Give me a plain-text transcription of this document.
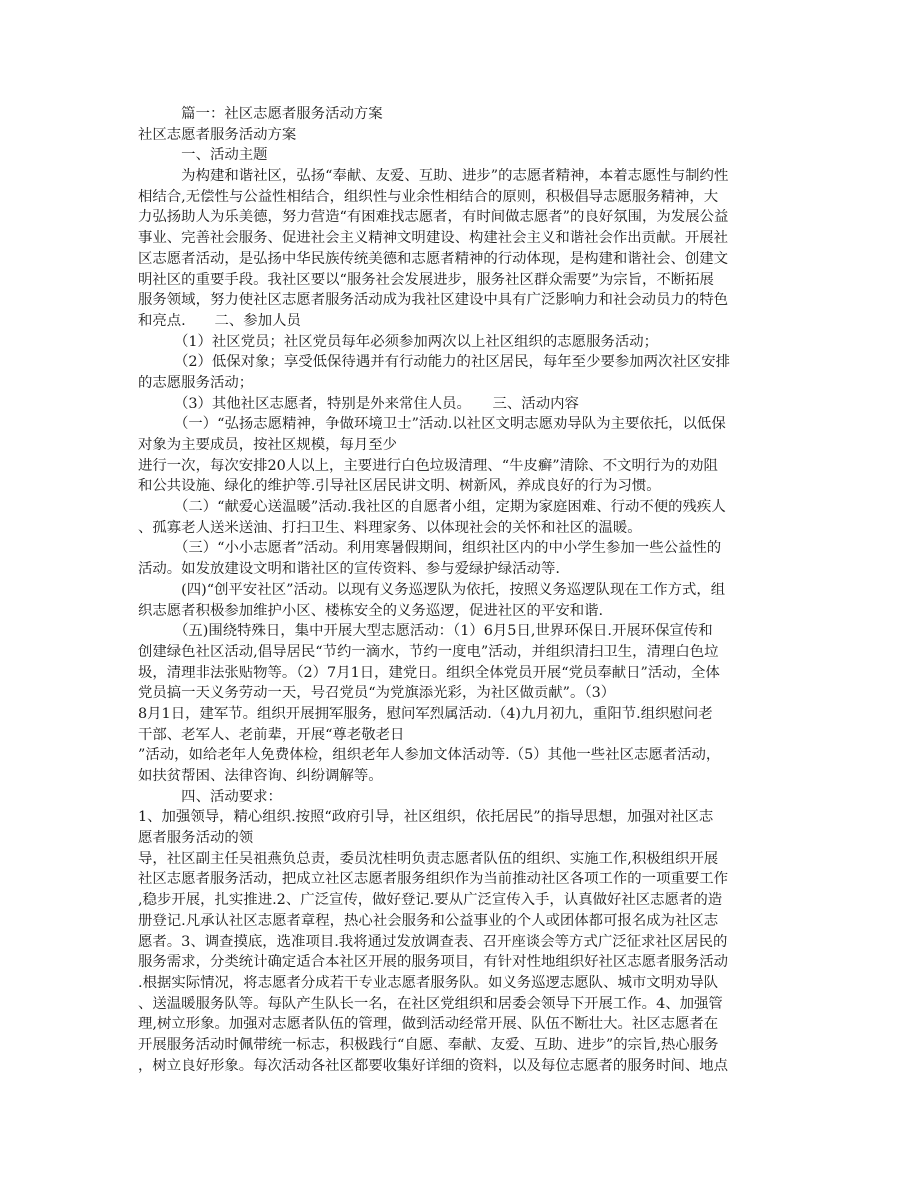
　　　篇一：社区志愿者服务活动方案
社区志愿者服务活动方案
　　　一、活动主题
　　　为构建和谐社区，弘扬“奉献、友爱、互助、进步”的志愿者精神，本着志愿性与制约性
相结合,无偿性与公益性相结合，组织性与业余性相结合的原则，积极倡导志愿服务精神，大
力弘扬助人为乐美德，努力营造“有困难找志愿者，有时间做志愿者”的良好氛围，为发展公益
事业、完善社会服务、促进社会主义精神文明建设、构建社会主义和谐社会作出贡献。开展社
区志愿者活动，是弘扬中华民族传统美德和志愿者精神的行动体现，是构建和谐社会、创建文
明社区的重要手段。我社区要以“服务社会发展进步，服务社区群众需要”为宗旨，不断拓展
服务领域，努力使社区志愿者服务活动成为我社区建设中具有广泛影响力和社会动员力的特色
和亮点.　　二、参加人员
　　　（1）社区党员；社区党员每年必须参加两次以上社区组织的志愿服务活动；
　　　（2）低保对象；享受低保待遇并有行动能力的社区居民，每年至少要参加两次社区安排
的志愿服务活动；
　　　（3）其他社区志愿者，特别是外来常住人员。　　三、活动内容
　　　（一）“弘扬志愿精神，争做环境卫士”活动.以社区文明志愿劝导队为主要依托，以低保
对象为主要成员，按社区规模，每月至少
进行一次，每次安排20人以上，主要进行白色垃圾清理、“牛皮癣”清除、不文明行为的劝阻
和公共设施、绿化的维护等.引导社区居民讲文明、树新风，养成良好的行为习惯。
　　　（二）“献爱心送温暖”活动.我社区的自愿者小组，定期为家庭困难、行动不便的残疾人
、孤寡老人送米送油、打扫卫生、料理家务、以体现社会的关怀和社区的温暖。
　　　（三）“小小志愿者”活动。利用寒暑假期间，组织社区内的中小学生参加一些公益性的
活动。如发放建设文明和谐社区的宣传资料、参与爱绿护绿活动等.
　　　(四)“创平安社区”活动。以现有义务巡逻队为依托，按照义务巡逻队现在工作方式，组
织志愿者积极参加维护小区、楼栋安全的义务巡逻，促进社区的平安和谐.
　　　（五)围绕特殊日，集中开展大型志愿活动：（1）6月5日,世界环保日.开展环保宣传和
创建绿色社区活动,倡导居民“节约一滴水，节约一度电”活动，并组织清扫卫生，清理白色垃
圾，清理非法张贴物等。（2）7月1日，建党日。组织全体党员开展“党员奉献日”活动，全体
党员搞一天义务劳动一天，号召党员“为党旗添光彩，为社区做贡献”。（3）
8月1日，建军节。组织开展拥军服务，慰问军烈属活动.（4)九月初九，重阳节.组织慰问老
干部、老军人、老前辈，开展“尊老敬老日
”活动，如给老年人免费体检，组织老年人参加文体活动等.（5）其他一些社区志愿者活动，
如扶贫帮困、法律咨询、纠纷调解等。
　　　四、活动要求：
1、加强领导，精心组织.按照“政府引导，社区组织，依托居民”的指导思想，加强对社区志
愿者服务活动的领
导，社区副主任吴祖燕负总责，委员沈桂明负责志愿者队伍的组织、实施工作,积极组织开展
社区志愿者服务活动，把成立社区志愿者服务组织作为当前推动社区各项工作的一项重要工作
,稳步开展，扎实推进.2、广泛宣传，做好登记.要从广泛宣传入手，认真做好社区志愿者的造
册登记.凡承认社区志愿者章程，热心社会服务和公益事业的个人或团体都可报名成为社区志
愿者。3、调查摸底，选准项目.我将通过发放调查表、召开座谈会等方式广泛征求社区居民的
服务需求，分类统计确定适合本社区开展的服务项目，有针对性地组织好社区志愿者服务活动
.根据实际情况，将志愿者分成若干专业志愿者服务队。如义务巡逻志愿队、城市文明劝导队
、送温暖服务队等。每队产生队长一名，在社区党组织和居委会领导下开展工作。4、加强管
理,树立形象。加强对志愿者队伍的管理，做到活动经常开展、队伍不断壮大。社区志愿者在
开展服务活动时佩带统一标志，积极践行“自愿、奉献、友爱、互助、进步”的宗旨,热心服务
，树立良好形象。每次活动各社区都要收集好详细的资料，以及每位志愿者的服务时间、地点
